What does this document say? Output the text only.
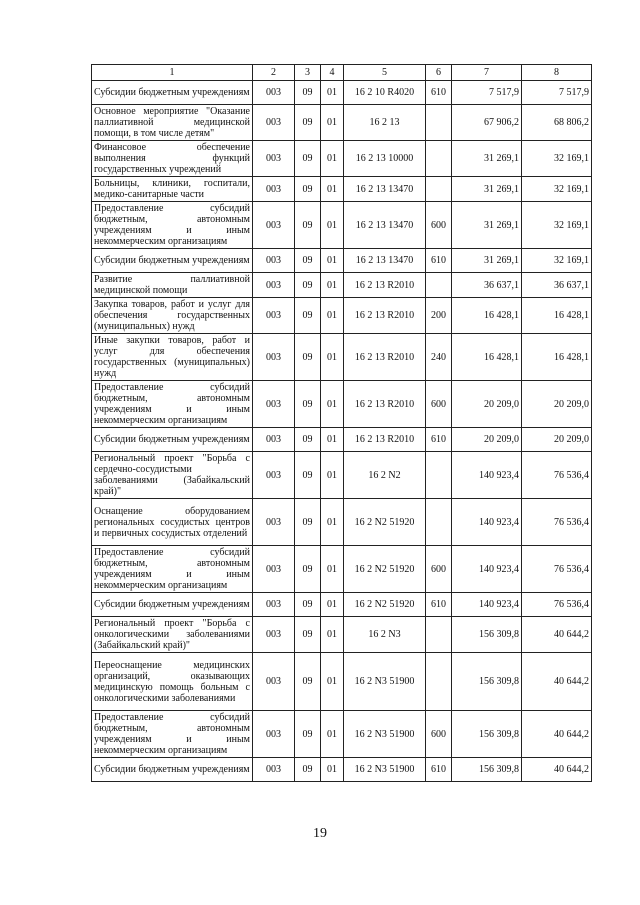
1	2	3	4	5	6	7	8
Субсидии бюджетным учреждениям	003	09	01	16 2 10 R4020	610	7 517,9	7 517,9
Основное мероприятие "Оказание паллиативной медицинской помощи, в том числе детям"	003	09	01	16 2 13		67 906,2	68 806,2
Финансовое обеспечение выполнения функций государственных учреждений	003	09	01	16 2 13 10000		31 269,1	32 169,1
Больницы, клиники, госпитали, медико-санитарные части	003	09	01	16 2 13 13470		31 269,1	32 169,1
Предоставление субсидий бюджетным, автономным учреждениям и иным некоммерческим организациям	003	09	01	16 2 13 13470	600	31 269,1	32 169,1
Субсидии бюджетным учреждениям	003	09	01	16 2 13 13470	610	31 269,1	32 169,1
Развитие паллиативной медицинской помощи	003	09	01	16 2 13 R2010		36 637,1	36 637,1
Закупка товаров, работ и услуг для обеспечения государственных (муниципальных) нужд	003	09	01	16 2 13 R2010	200	16 428,1	16 428,1
Иные закупки товаров, работ и услуг для обеспечения государственных (муниципальных) нужд	003	09	01	16 2 13 R2010	240	16 428,1	16 428,1
Предоставление субсидий бюджетным, автономным учреждениям и иным некоммерческим организациям	003	09	01	16 2 13 R2010	600	20 209,0	20 209,0
Субсидии бюджетным учреждениям	003	09	01	16 2 13 R2010	610	20 209,0	20 209,0
Региональный проект "Борьба с сердечно-сосудистыми заболеваниями (Забайкальский край)"	003	09	01	16 2 N2		140 923,4	76 536,4
Оснащение оборудованием региональных сосудистых центров и первичных сосудистых отделений	003	09	01	16 2 N2 51920		140 923,4	76 536,4
Предоставление субсидий бюджетным, автономным учреждениям и иным некоммерческим организациям	003	09	01	16 2 N2 51920	600	140 923,4	76 536,4
Субсидии бюджетным учреждениям	003	09	01	16 2 N2 51920	610	140 923,4	76 536,4
Региональный проект "Борьба с онкологическими заболеваниями (Забайкальский край)"	003	09	01	16 2 N3		156 309,8	40 644,2
Переоснащение медицинских организаций, оказывающих медицинскую помощь больным с онкологическими заболеваниями	003	09	01	16 2 N3 51900		156 309,8	40 644,2
Предоставление субсидий бюджетным, автономным учреждениям и иным некоммерческим организациям	003	09	01	16 2 N3 51900	600	156 309,8	40 644,2
Субсидии бюджетным учреждениям	003	09	01	16 2 N3 51900	610	156 309,8	40 644,2
19
